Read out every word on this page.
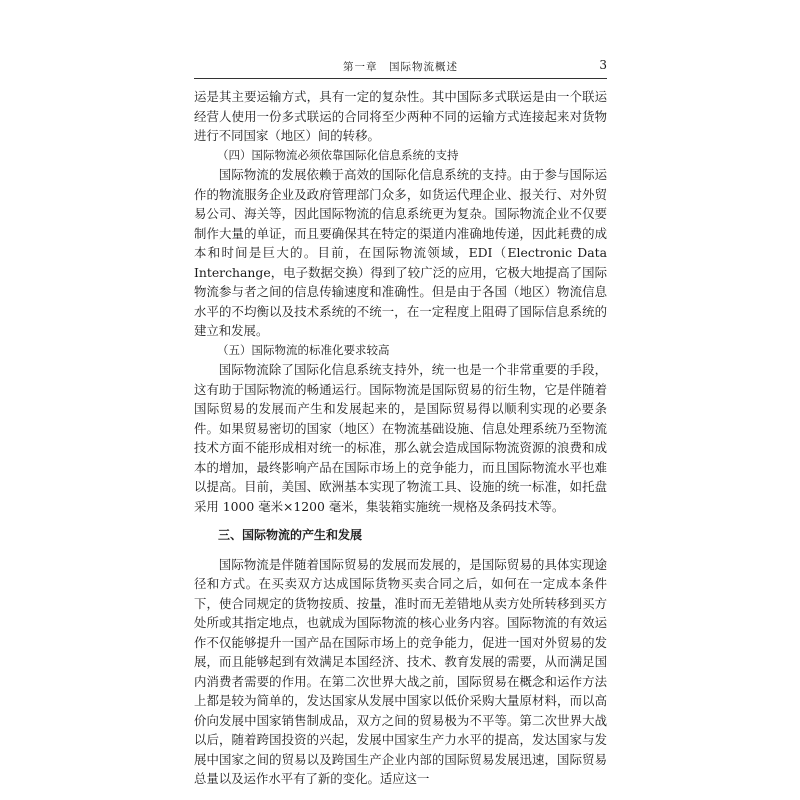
第一章　国际物流概述	3

运是其主要运输方式，具有一定的复杂性。其中国际多式联运是由一个联运经营人使用一份多式联运的合同将至少两种不同的运输方式连接起来对货物进行不同国家（地区）间的转移。

（四）国际物流必须依靠国际化信息系统的支持

国际物流的发展依赖于高效的国际化信息系统的支持。由于参与国际运作的物流服务企业及政府管理部门众多，如货运代理企业、报关行、对外贸易公司、海关等，因此国际物流的信息系统更为复杂。国际物流企业不仅要制作大量的单证，而且要确保其在特定的渠道内准确地传递，因此耗费的成本和时间是巨大的。目前，在国际物流领域，EDI（Electronic Data Interchange，电子数据交换）得到了较广泛的应用，它极大地提高了国际物流参与者之间的信息传输速度和准确性。但是由于各国（地区）物流信息水平的不均衡以及技术系统的不统一，在一定程度上阻碍了国际信息系统的建立和发展。

（五）国际物流的标准化要求较高

国际物流除了国际化信息系统支持外，统一也是一个非常重要的手段，这有助于国际物流的畅通运行。国际物流是国际贸易的衍生物，它是伴随着国际贸易的发展而产生和发展起来的，是国际贸易得以顺利实现的必要条件。如果贸易密切的国家（地区）在物流基础设施、信息处理系统乃至物流技术方面不能形成相对统一的标准，那么就会造成国际物流资源的浪费和成本的增加，最终影响产品在国际市场上的竞争能力，而且国际物流水平也难以提高。目前，美国、欧洲基本实现了物流工具、设施的统一标准，如托盘采用 1000 毫米×1200 毫米，集装箱实施统一规格及条码技术等。

三、国际物流的产生和发展

国际物流是伴随着国际贸易的发展而发展的，是国际贸易的具体实现途径和方式。在买卖双方达成国际货物买卖合同之后，如何在一定成本条件下，使合同规定的货物按质、按量，准时而无差错地从卖方处所转移到买方处所或其指定地点，也就成为国际物流的核心业务内容。国际物流的有效运作不仅能够提升一国产品在国际市场上的竞争能力，促进一国对外贸易的发展，而且能够起到有效满足本国经济、技术、教育发展的需要，从而满足国内消费者需要的作用。在第二次世界大战之前，国际贸易在概念和运作方法上都是较为简单的，发达国家从发展中国家以低价采购大量原材料，而以高价向发展中国家销售制成品，双方之间的贸易极为不平等。第二次世界大战以后，随着跨国投资的兴起，发展中国家生产力水平的提高，发达国家与发展中国家之间的贸易以及跨国生产企业内部的国际贸易发展迅速，国际贸易总量以及运作水平有了新的变化。适应这一
